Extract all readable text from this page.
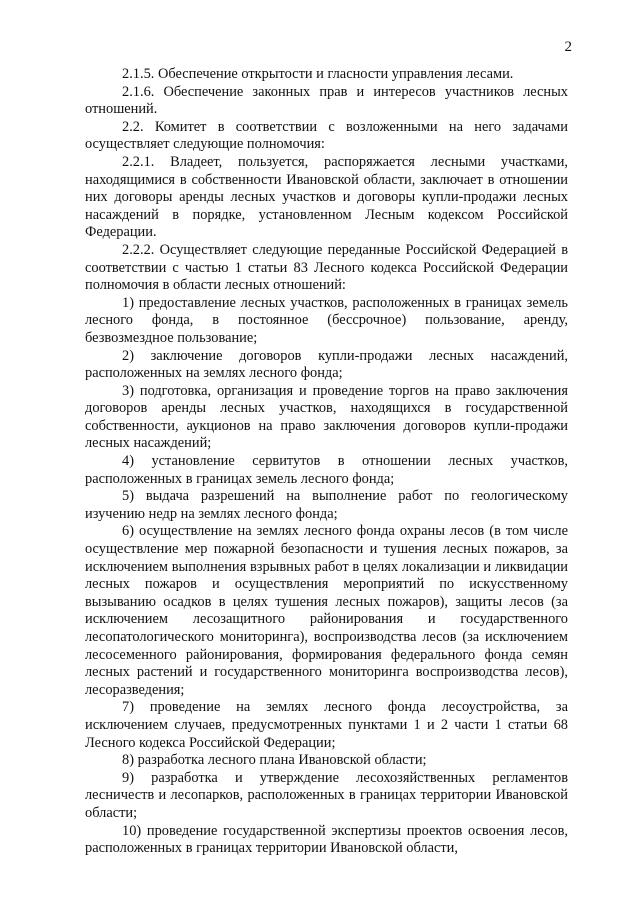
2

2.1.5. Обеспечение открытости и гласности управления лесами.

2.1.6. Обеспечение законных прав и интересов участников лесных отношений.

2.2. Комитет в соответствии с возложенными на него задачами осуществляет следующие полномочия:

2.2.1. Владеет, пользуется, распоряжается лесными участками, находящимися в собственности Ивановской области, заключает в отношении них договоры аренды лесных участков и договоры купли-продажи лесных насаждений в порядке, установленном Лесным кодексом Российской Федерации.

2.2.2. Осуществляет следующие переданные Российской Федерацией в соответствии с частью 1 статьи 83 Лесного кодекса Российской Федерации полномочия в области лесных отношений:

1) предоставление лесных участков, расположенных в границах земель лесного фонда, в постоянное (бессрочное) пользование, аренду, безвозмездное пользование;

2) заключение договоров купли-продажи лесных насаждений, расположенных на землях лесного фонда;

3) подготовка, организация и проведение торгов на право заключения договоров аренды лесных участков, находящихся в государственной собственности, аукционов на право заключения договоров купли-продажи лесных насаждений;

4) установление сервитутов в отношении лесных участков, расположенных в границах земель лесного фонда;

5) выдача разрешений на выполнение работ по геологическому изучению недр на землях лесного фонда;

6) осуществление на землях лесного фонда охраны лесов (в том числе осуществление мер пожарной безопасности и тушения лесных пожаров, за исключением выполнения взрывных работ в целях локализации и ликвидации лесных пожаров и осуществления мероприятий по искусственному вызыванию осадков в целях тушения лесных пожаров), защиты лесов (за исключением лесозащитного районирования и государственного лесопатологического мониторинга), воспроизводства лесов (за исключением лесосеменного районирования, формирования федерального фонда семян лесных растений и государственного мониторинга воспроизводства лесов), лесоразведения;

7) проведение на землях лесного фонда лесоустройства, за исключением случаев, предусмотренных пунктами 1 и 2 части 1 статьи 68 Лесного кодекса Российской Федерации;

8) разработка лесного плана Ивановской области;

9) разработка и утверждение лесохозяйственных регламентов лесничеств и лесопарков, расположенных в границах территории Ивановской области;

10) проведение государственной экспертизы проектов освоения лесов, расположенных в границах территории Ивановской области,
